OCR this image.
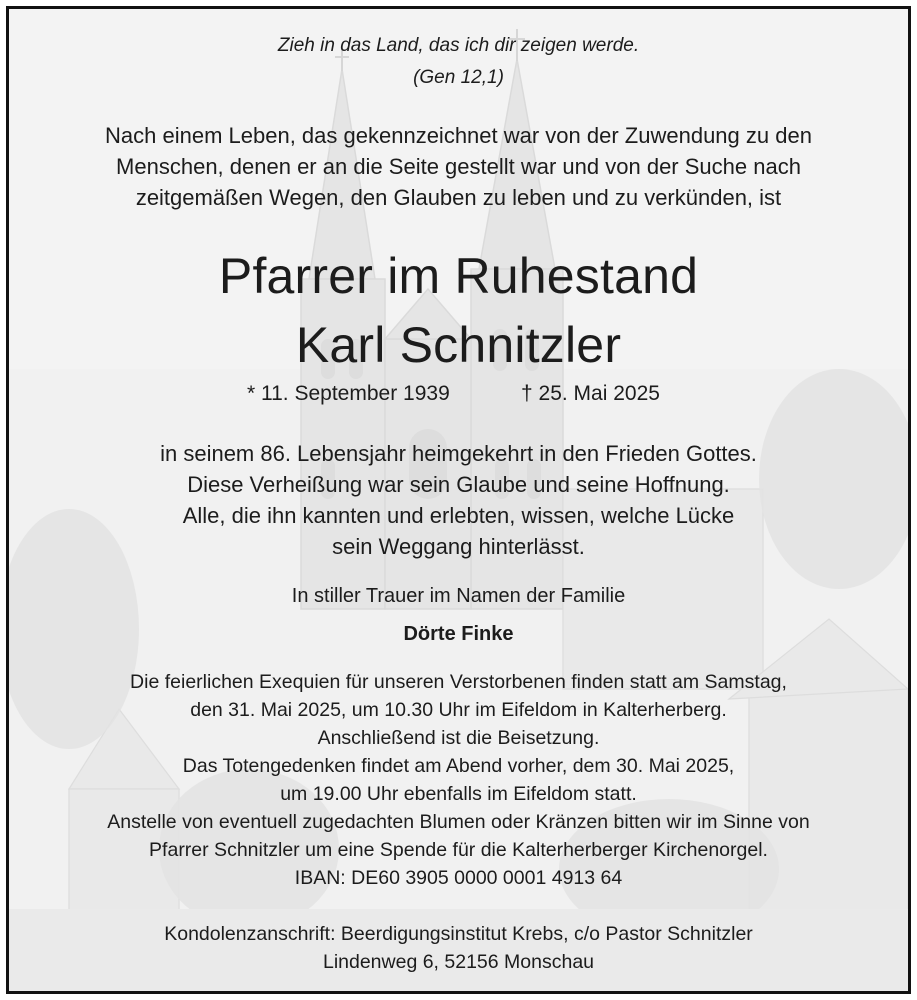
Zieh in das Land, das ich dir zeigen werde.
(Gen 12,1)
Nach einem Leben, das gekennzeichnet war von der Zuwendung zu den
Menschen, denen er an die Seite gestellt war und von der Suche nach
zeitgemäßen Wegen, den Glauben zu leben und zu verkünden, ist
Pfarrer im Ruhestand
Karl Schnitzler
* 11. September 1939	† 25. Mai 2025
in seinem 86. Lebensjahr heimgekehrt in den Frieden Gottes.
Diese Verheißung war sein Glaube und seine Hoffnung.
Alle, die ihn kannten und erlebten, wissen, welche Lücke
sein Weggang hinterlässt.
In stiller Trauer im Namen der Familie
Dörte Finke
Die feierlichen Exequien für unseren Verstorbenen finden statt am Samstag,
den 31. Mai 2025, um 10.30 Uhr im Eifeldom in Kalterherberg.
Anschließend ist die Beisetzung.
Das Totengedenken findet am Abend vorher, dem 30. Mai 2025,
um 19.00 Uhr ebenfalls im Eifeldom statt.
Anstelle von eventuell zugedachten Blumen oder Kränzen bitten wir im Sinne von
Pfarrer Schnitzler um eine Spende für die Kalterherberger Kirchenorgel.
IBAN: DE60 3905 0000 0001 4913 64
Kondolenzanschrift: Beerdigungsinstitut Krebs, c/o Pastor Schnitzler
Lindenweg 6, 52156 Monschau
